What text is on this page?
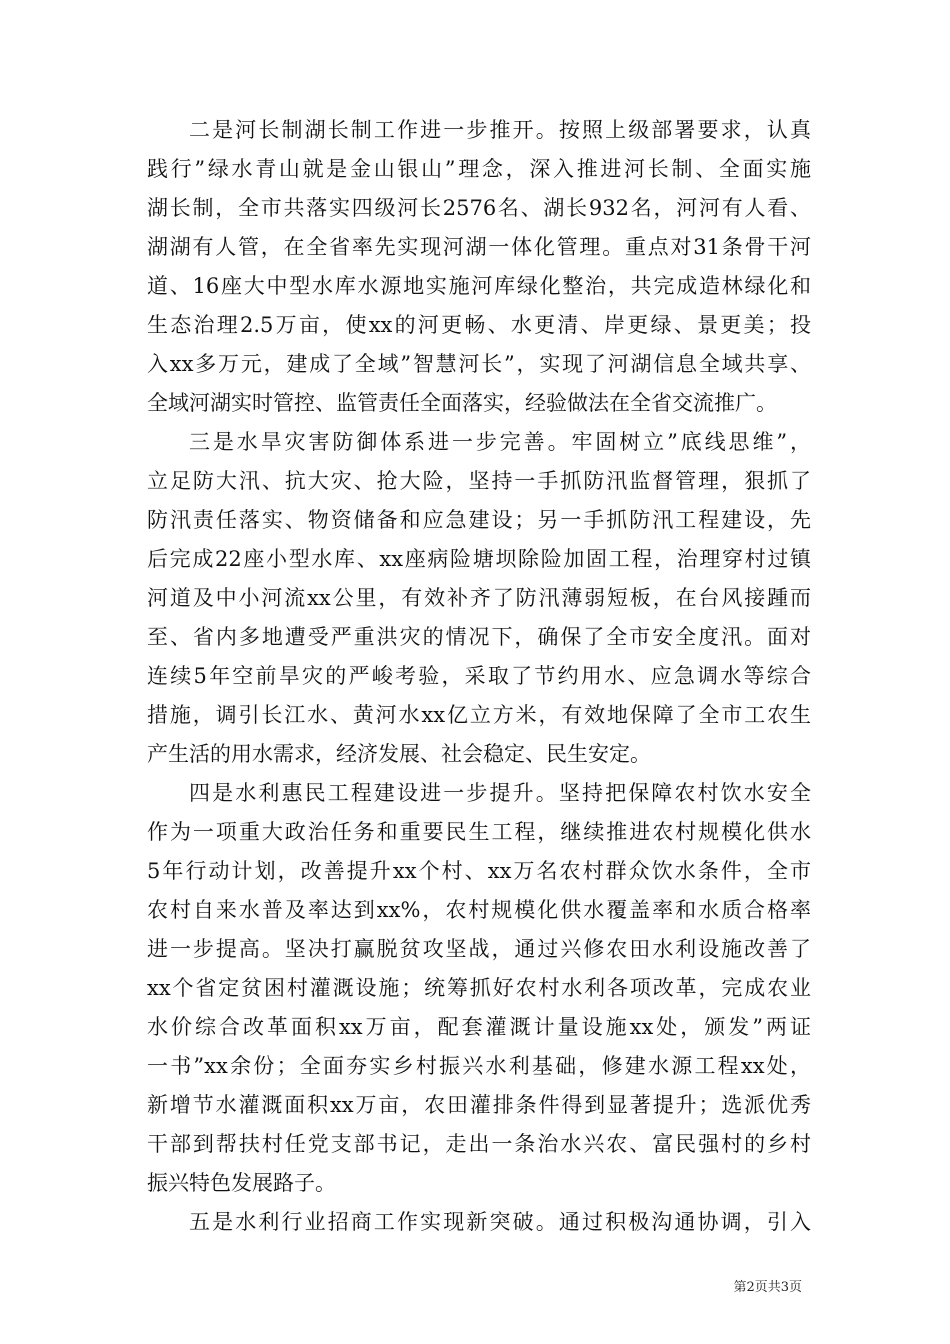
二是河长制湖长制工作进一步推开。按照上级部署要求，认真
践行”绿水青山就是金山银山”理念，深入推进河长制、全面实施
湖长制，全市共落实四级河长2576名、湖长932名，河河有人看、
湖湖有人管，在全省率先实现河湖一体化管理。重点对31条骨干河
道、16座大中型水库水源地实施河库绿化整治，共完成造林绿化和
生态治理2.5万亩，使xx的河更畅、水更清、岸更绿、景更美；投
入xx多万元，建成了全域”智慧河长”，实现了河湖信息全域共享、
全域河湖实时管控、监管责任全面落实，经验做法在全省交流推广。
三是水旱灾害防御体系进一步完善。牢固树立”底线思维”，
立足防大汛、抗大灾、抢大险，坚持一手抓防汛监督管理，狠抓了
防汛责任落实、物资储备和应急建设；另一手抓防汛工程建设，先
后完成22座小型水库、xx座病险塘坝除险加固工程，治理穿村过镇
河道及中小河流xx公里，有效补齐了防汛薄弱短板，在台风接踵而
至、省内多地遭受严重洪灾的情况下，确保了全市安全度汛。面对
连续5年空前旱灾的严峻考验，采取了节约用水、应急调水等综合
措施，调引长江水、黄河水xx亿立方米，有效地保障了全市工农生
产生活的用水需求，经济发展、社会稳定、民生安定。
四是水利惠民工程建设进一步提升。坚持把保障农村饮水安全
作为一项重大政治任务和重要民生工程，继续推进农村规模化供水
5年行动计划，改善提升xx个村、xx万名农村群众饮水条件，全市
农村自来水普及率达到xx%，农村规模化供水覆盖率和水质合格率
进一步提高。坚决打赢脱贫攻坚战，通过兴修农田水利设施改善了
xx个省定贫困村灌溉设施；统筹抓好农村水利各项改革，完成农业
水价综合改革面积xx万亩，配套灌溉计量设施xx处，颁发”两证
一书”xx余份；全面夯实乡村振兴水利基础，修建水源工程xx处，
新增节水灌溉面积xx万亩，农田灌排条件得到显著提升；选派优秀
干部到帮扶村任党支部书记，走出一条治水兴农、富民强村的乡村
振兴特色发展路子。
五是水利行业招商工作实现新突破。通过积极沟通协调，引入
第2页共3页
